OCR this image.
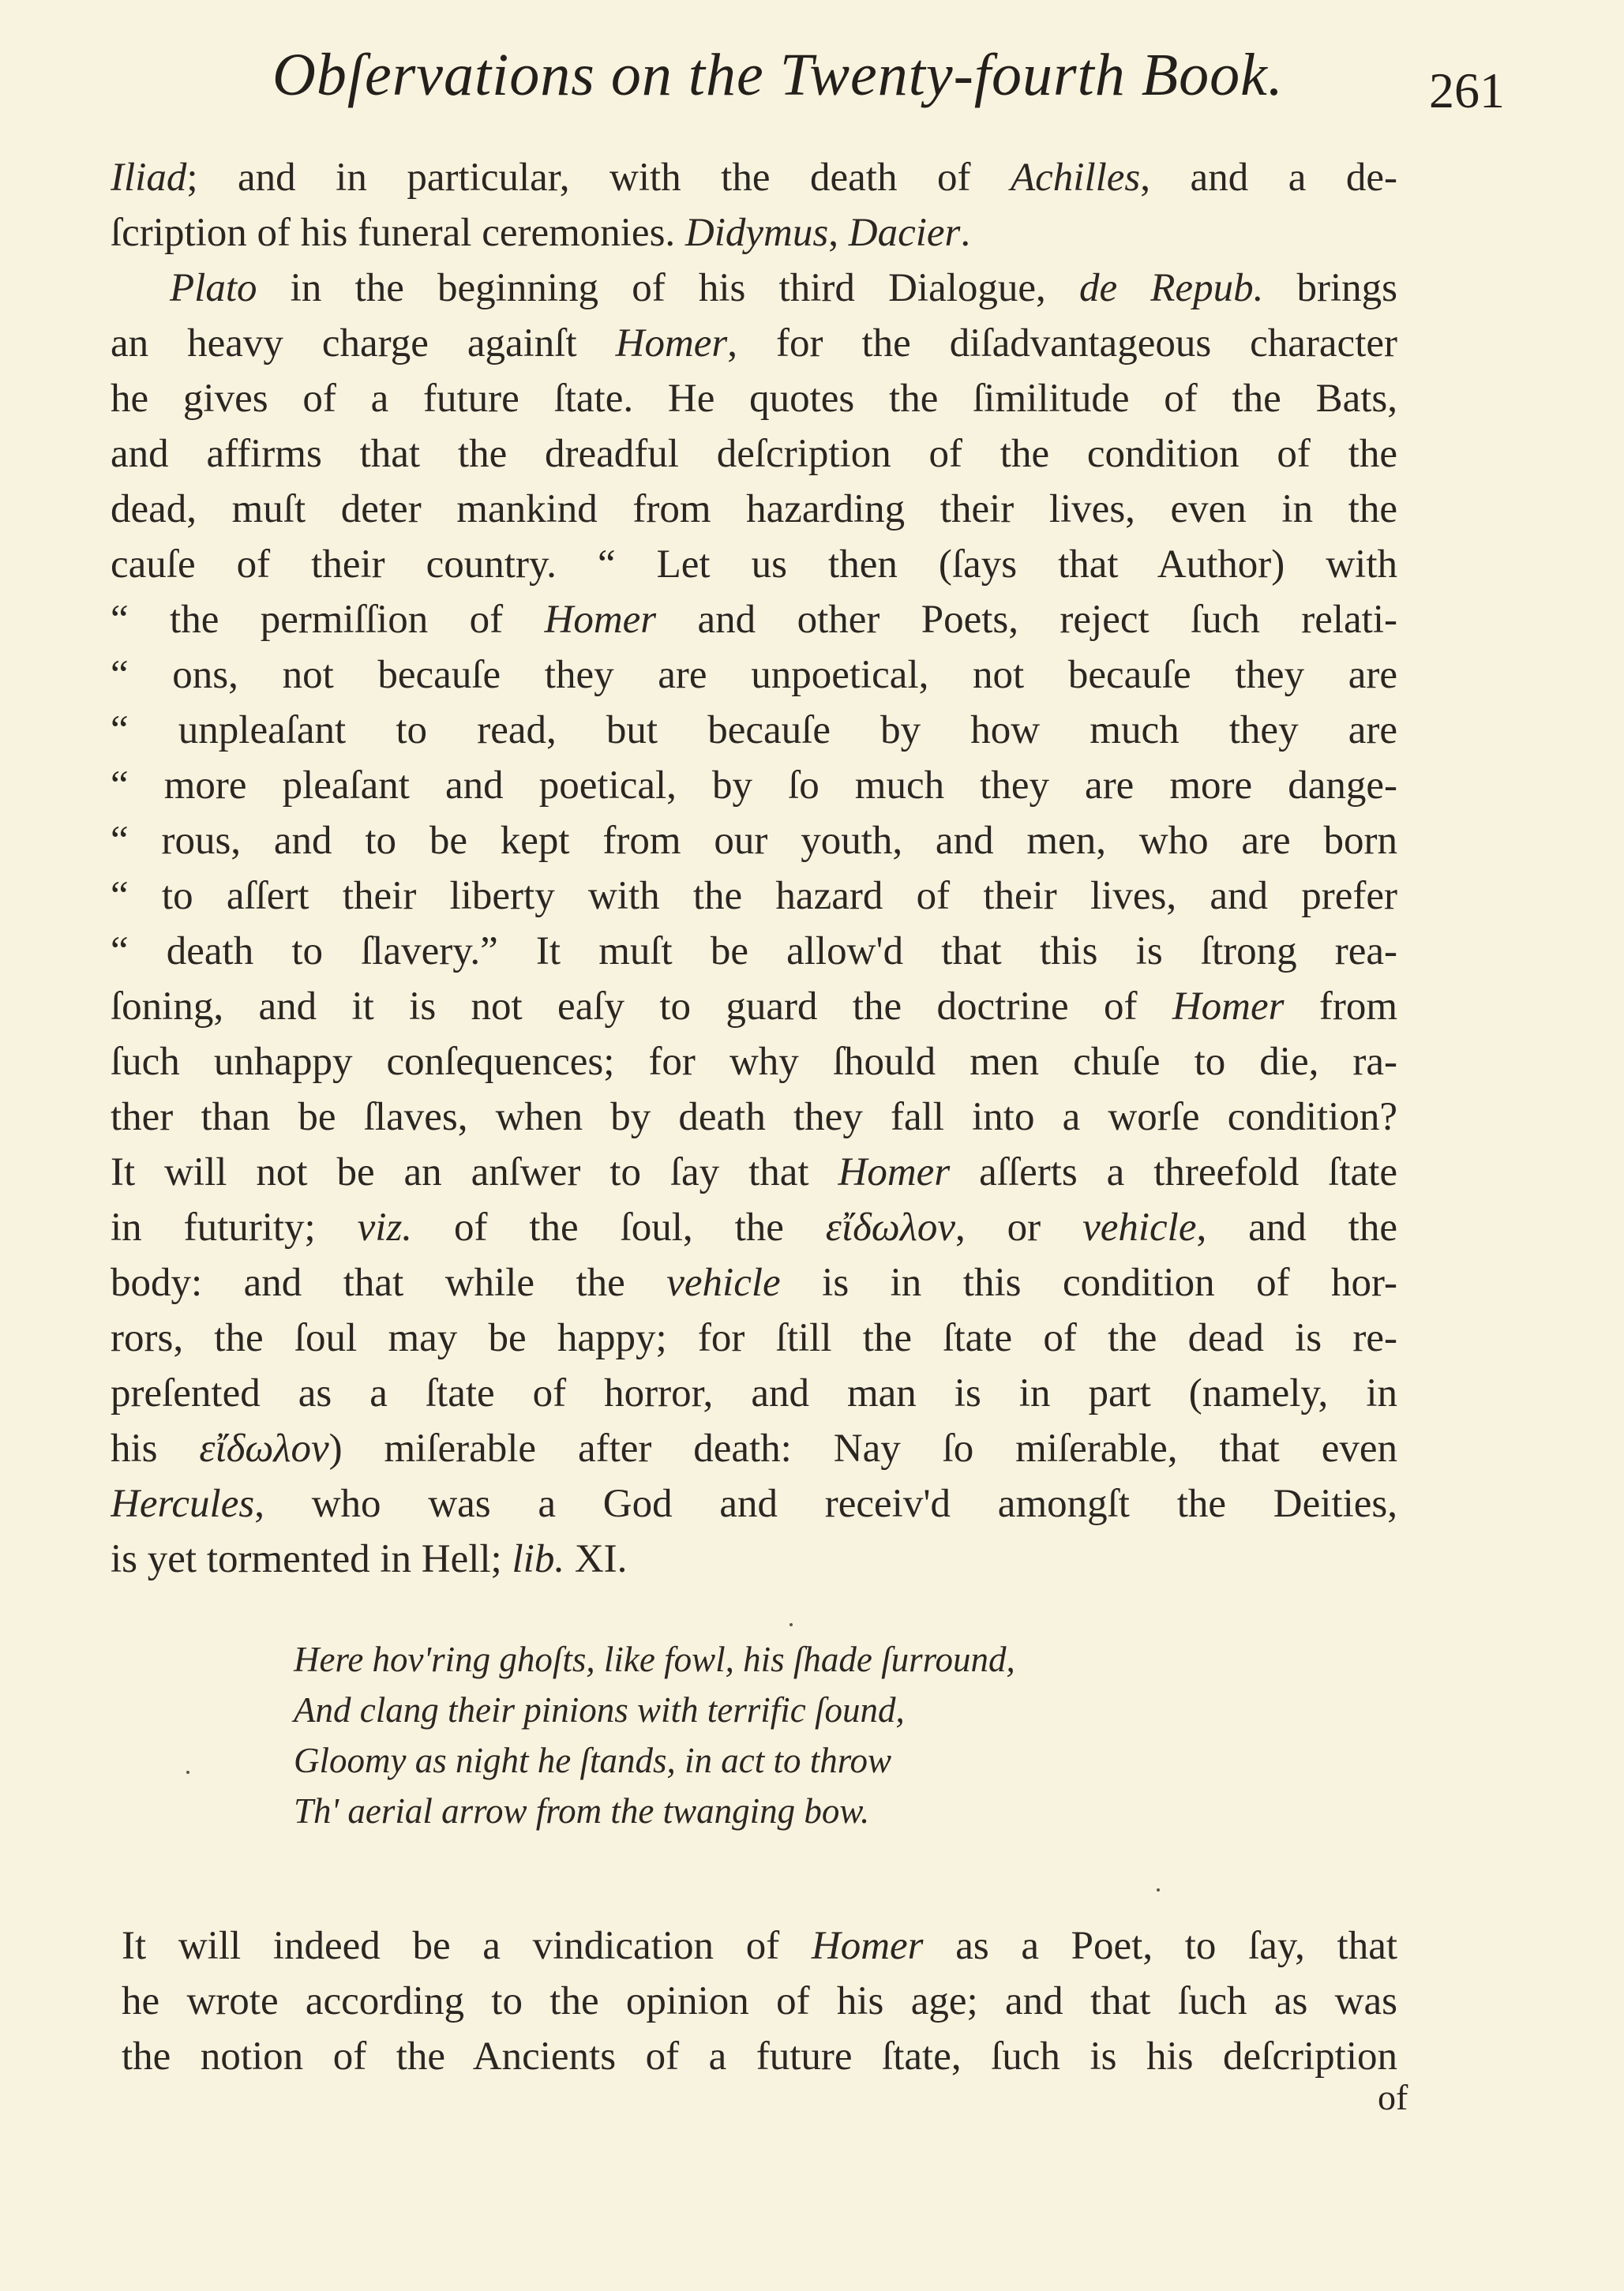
Obſervations on the Twenty-fourth Book.	261
Iliad; and in particular, with the death of Achilles, and a de-
ſcription of his funeral ceremonies. Didymus, Dacier.
Plato in the beginning of his third Dialogue, de Repub. brings
an heavy charge againſt Homer, for the diſadvantageous character
he gives of a future ſtate. He quotes the ſimilitude of the Bats,
and affirms that the dreadful deſcription of the condition of the
dead, muſt deter mankind from hazarding their lives, even in the
cauſe of their country. “ Let us then (ſays that Author) with
“ the permiſſion of Homer and other Poets, reject ſuch relati-
“ ons, not becauſe they are unpoetical, not becauſe they are
“ unpleaſant to read, but becauſe by how much they are
“ more pleaſant and poetical, by ſo much they are more dange-
“ rous, and to be kept from our youth, and men, who are born
“ to aſſert their liberty with the hazard of their lives, and prefer
“ death to ſlavery.” It muſt be allow'd that this is ſtrong rea-
ſoning, and it is not eaſy to guard the doctrine of Homer from
ſuch unhappy conſequences; for why ſhould men chuſe to die, ra-
ther than be ſlaves, when by death they fall into a worſe condition?
It will not be an anſwer to ſay that Homer aſſerts a threefold ſtate
in futurity; viz. of the ſoul, the εἴδωλον, or vehicle, and the
body: and that while the vehicle is in this condition of hor-
rors, the ſoul may be happy; for ſtill the ſtate of the dead is re-
preſented as a ſtate of horror, and man is in part (namely, in
his εἴδωλον) miſerable after death: Nay ſo miſerable, that even
Hercules, who was a God and receiv'd amongſt the Deities,
is yet tormented in Hell; lib. XI.
Here hov'ring ghoſts, like fowl, his ſhade ſurround,
And clang their pinions with terrific ſound,
Gloomy as night he ſtands, in act to throw
Th' aerial arrow from the twanging bow.
It will indeed be a vindication of Homer as a Poet, to ſay, that
he wrote according to the opinion of his age; and that ſuch as was
the notion of the Ancients of a future ſtate, ſuch is his deſcription
of
